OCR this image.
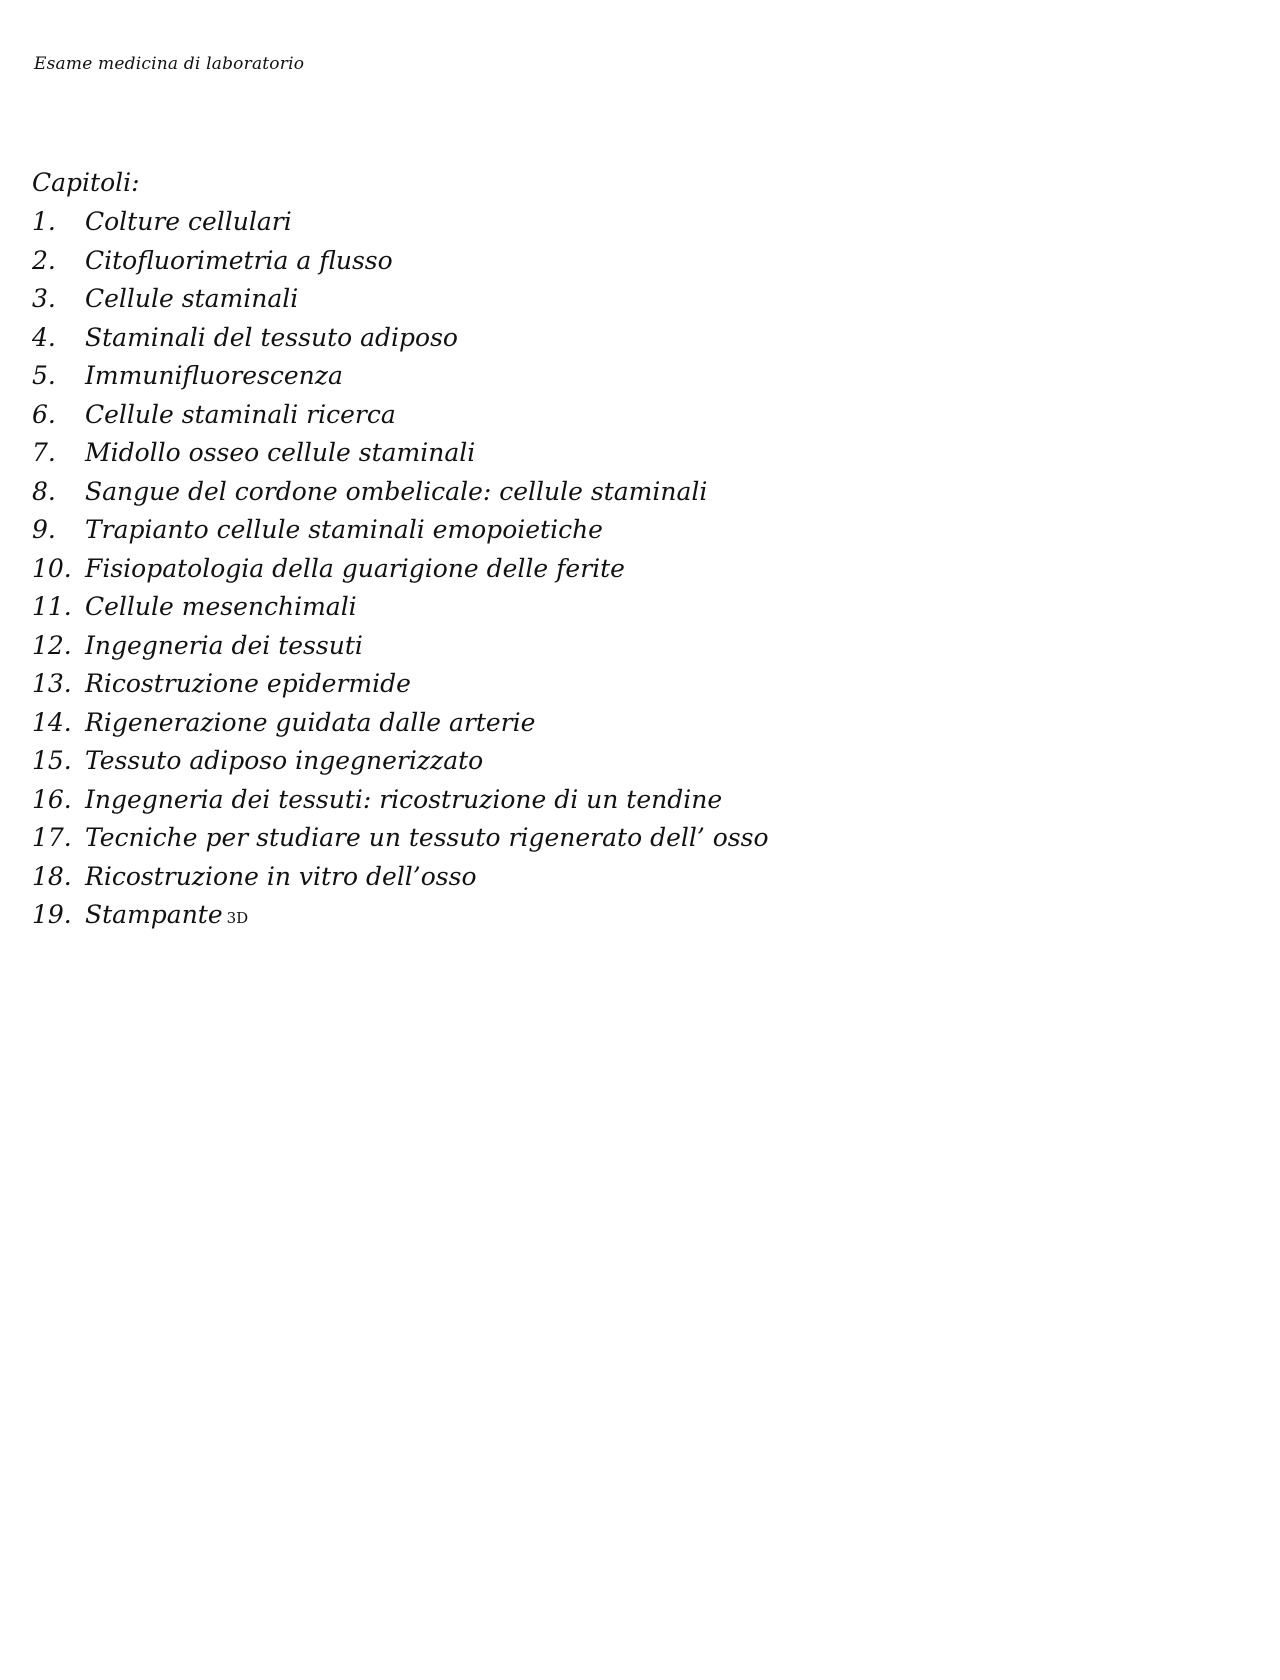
Esame medicina di laboratorio
Capitoli:
1. Colture cellulari
2. Citofluorimetria a flusso
3. Cellule staminali
4. Staminali del tessuto adiposo
5. Immunifluorescenza
6. Cellule staminali ricerca
7. Midollo osseo cellule staminali
8. Sangue del cordone ombelicale: cellule staminali
9. Trapianto cellule staminali emopoietiche
10. Fisiopatologia della guarigione delle ferite
11. Cellule mesenchimali
12. Ingegneria dei tessuti
13. Ricostruzione epidermide
14. Rigenerazione guidata dalle arterie
15. Tessuto adiposo ingegnerizzato
16. Ingegneria dei tessuti: ricostruzione di un tendine
17. Tecniche per studiare un tessuto rigenerato dell’ osso
18. Ricostruzione in vitro dell’osso
19. Stampante 3D
